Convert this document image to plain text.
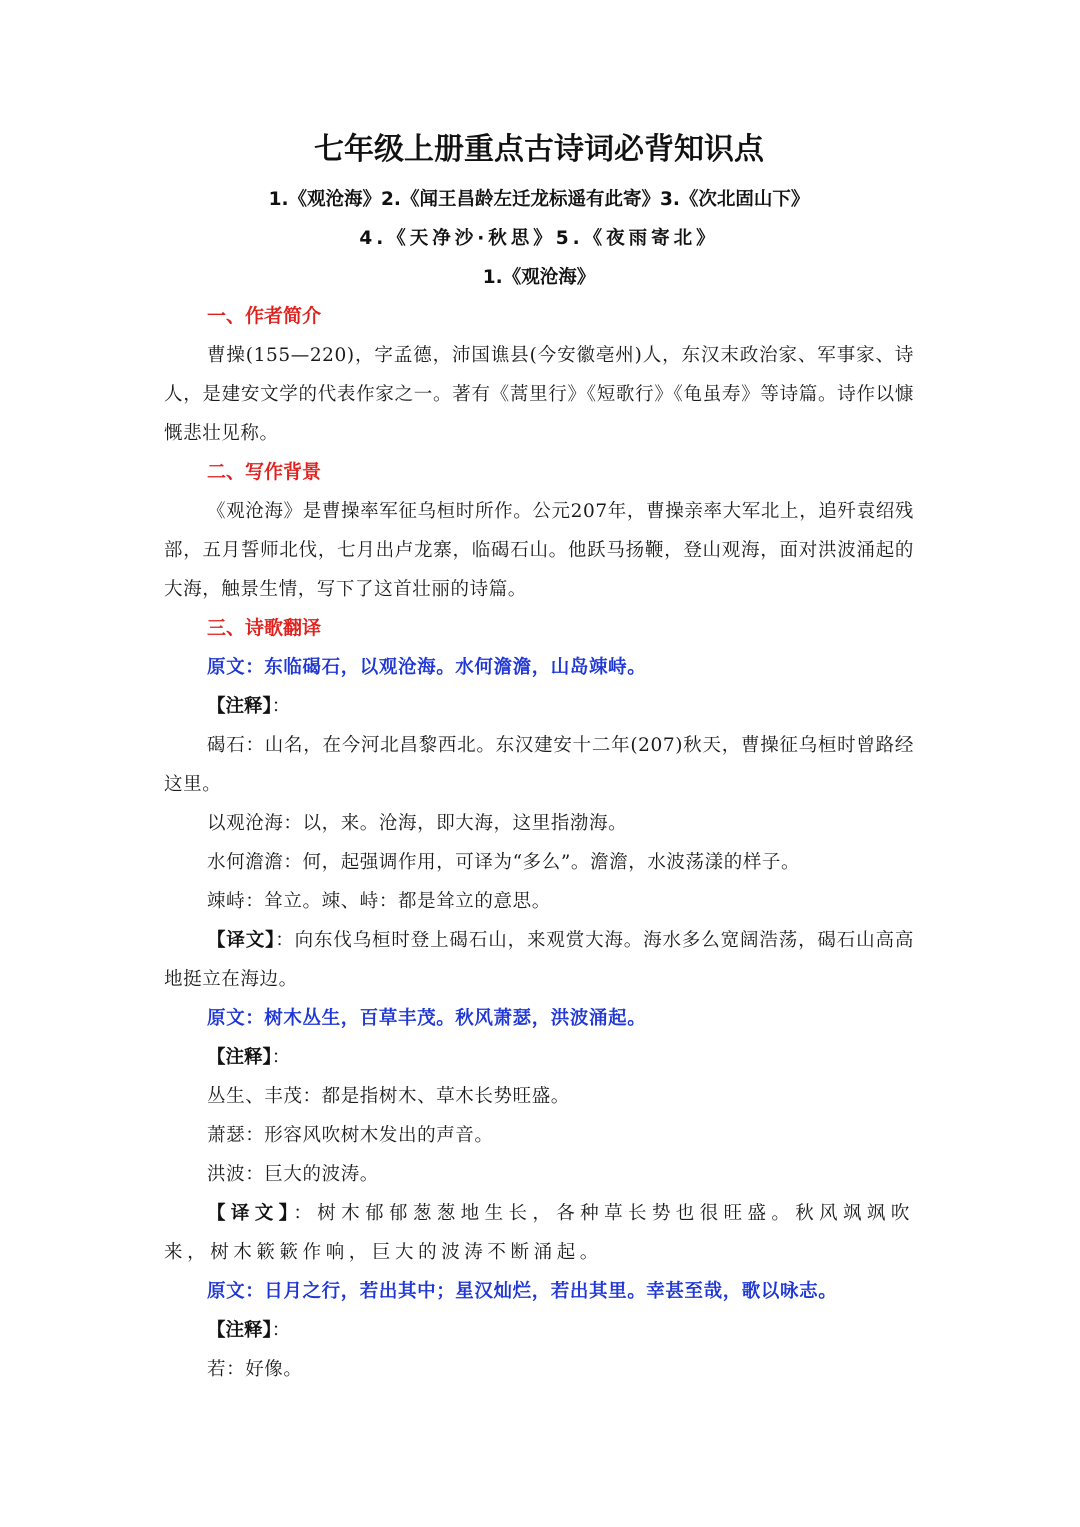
七年级上册重点古诗词必背知识点
1.《观沧海》2.《闻王昌龄左迁龙标遥有此寄》3.《次北固山下》
4.《天净沙·秋思》5.《夜雨寄北》
1.《观沧海》
一、作者简介

曹操(155—220)，字孟德，沛国谯县(今安徽亳州)人，东汉末政治家、军事家、诗人，是建安文学的代表作家之一。著有《蒿里行》《短歌行》《龟虽寿》等诗篇。诗作以慷慨悲壮见称。

二、写作背景

《观沧海》是曹操率军征乌桓时所作。公元207年，曹操亲率大军北上，追歼袁绍残部，五月誓师北伐，七月出卢龙寨，临碣石山。他跃马扬鞭，登山观海，面对洪波涌起的大海，触景生情，写下了这首壮丽的诗篇。

三、诗歌翻译
原文：东临碣石，以观沧海。水何澹澹，山岛竦峙。
【注释】：

碣石：山名，在今河北昌黎西北。东汉建安十二年(207)秋天，曹操征乌桓时曾路经这里。

以观沧海：以，来。沧海，即大海，这里指渤海。
水何澹澹：何，起强调作用，可译为“多么”。澹澹，水波荡漾的样子。
竦峙：耸立。竦、峙：都是耸立的意思。

【译文】：向东伐乌桓时登上碣石山，来观赏大海。海水多么宽阔浩荡，碣石山高高地挺立在海边。

原文：树木丛生，百草丰茂。秋风萧瑟，洪波涌起。
【注释】：
丛生、丰茂：都是指树木、草木长势旺盛。
萧瑟：形容风吹树木发出的声音。
洪波：巨大的波涛。

【译文】：树木郁郁葱葱地生长，各种草长势也很旺盛。秋风飒飒吹来，树木簌簌作响，巨大的波涛不断涌起。

原文：日月之行，若出其中；星汉灿烂，若出其里。幸甚至哉，歌以咏志。
【注释】：
若：好像。
